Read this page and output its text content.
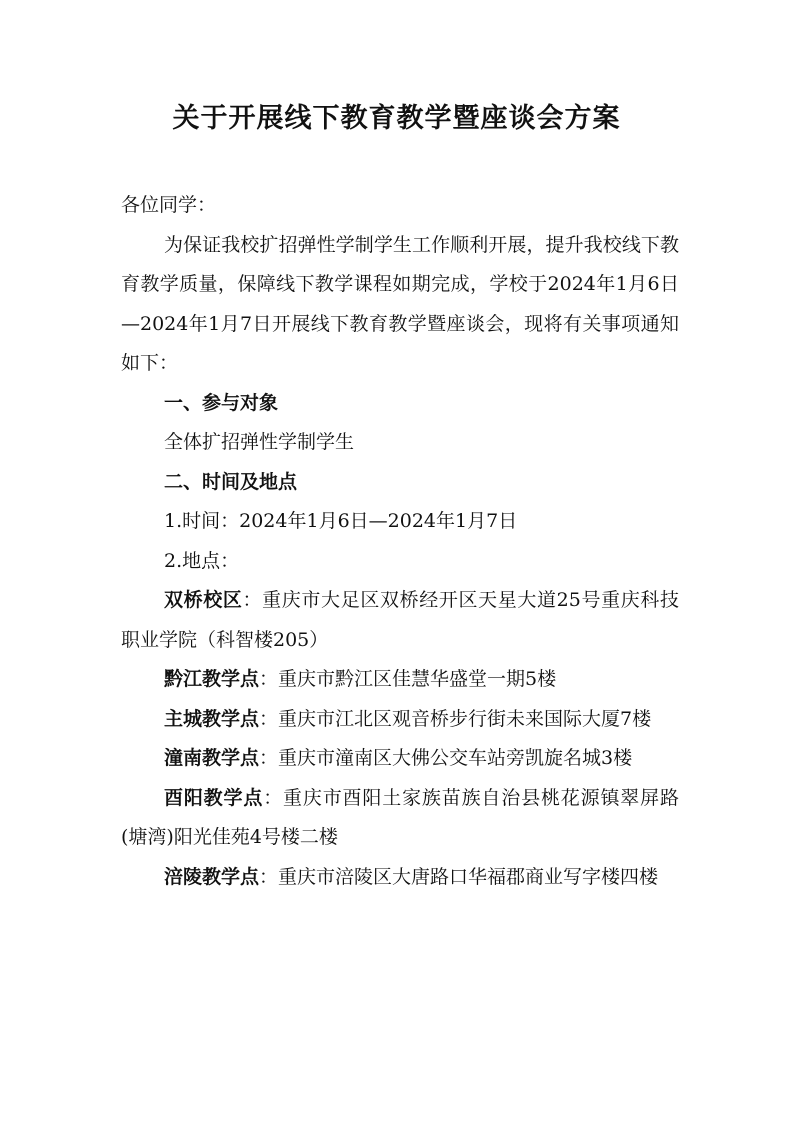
关于开展线下教育教学暨座谈会方案

各位同学：

为保证我校扩招弹性学制学生工作顺利开展，提升我校线下教育教学质量，保障线下教学课程如期完成，学校于2024年1月6日—2024年1月7日开展线下教育教学暨座谈会，现将有关事项通知如下：

一、参与对象

全体扩招弹性学制学生

二、时间及地点

1.时间：2024年1月6日—2024年1月7日

2.地点：

双桥校区：重庆市大足区双桥经开区天星大道25号重庆科技职业学院（科智楼205）

黔江教学点：重庆市黔江区佳慧华盛堂一期5楼

主城教学点：重庆市江北区观音桥步行街未来国际大厦7楼

潼南教学点：重庆市潼南区大佛公交车站旁凯旋名城3楼

酉阳教学点：重庆市酉阳土家族苗族自治县桃花源镇翠屏路(塘湾)阳光佳苑4号楼二楼

涪陵教学点：重庆市涪陵区大唐路口华福郡商业写字楼四楼
